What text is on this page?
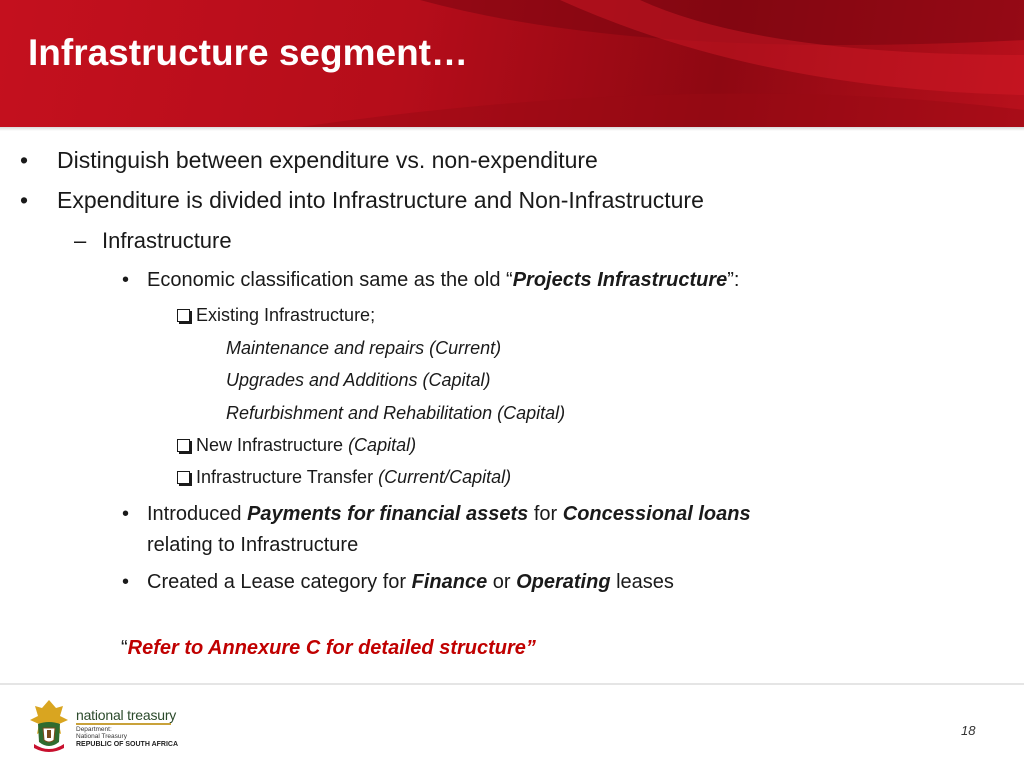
Infrastructure segment…
• Distinguish between expenditure vs. non-expenditure
• Expenditure is divided into Infrastructure and Non-Infrastructure
– Infrastructure
• Economic classification same as the old “Projects Infrastructure”:
Existing Infrastructure;
Maintenance and repairs (Current)
Upgrades and Additions (Capital)
Refurbishment and Rehabilitation (Capital)
New Infrastructure (Capital)
Infrastructure Transfer (Current/Capital)
• Introduced Payments for financial assets for Concessional loans
relating to Infrastructure
• Created a Lease category for Finance or Operating leases
“Refer to Annexure C for detailed structure”
national treasury
Department:
National Treasury
REPUBLIC OF SOUTH AFRICA
18
